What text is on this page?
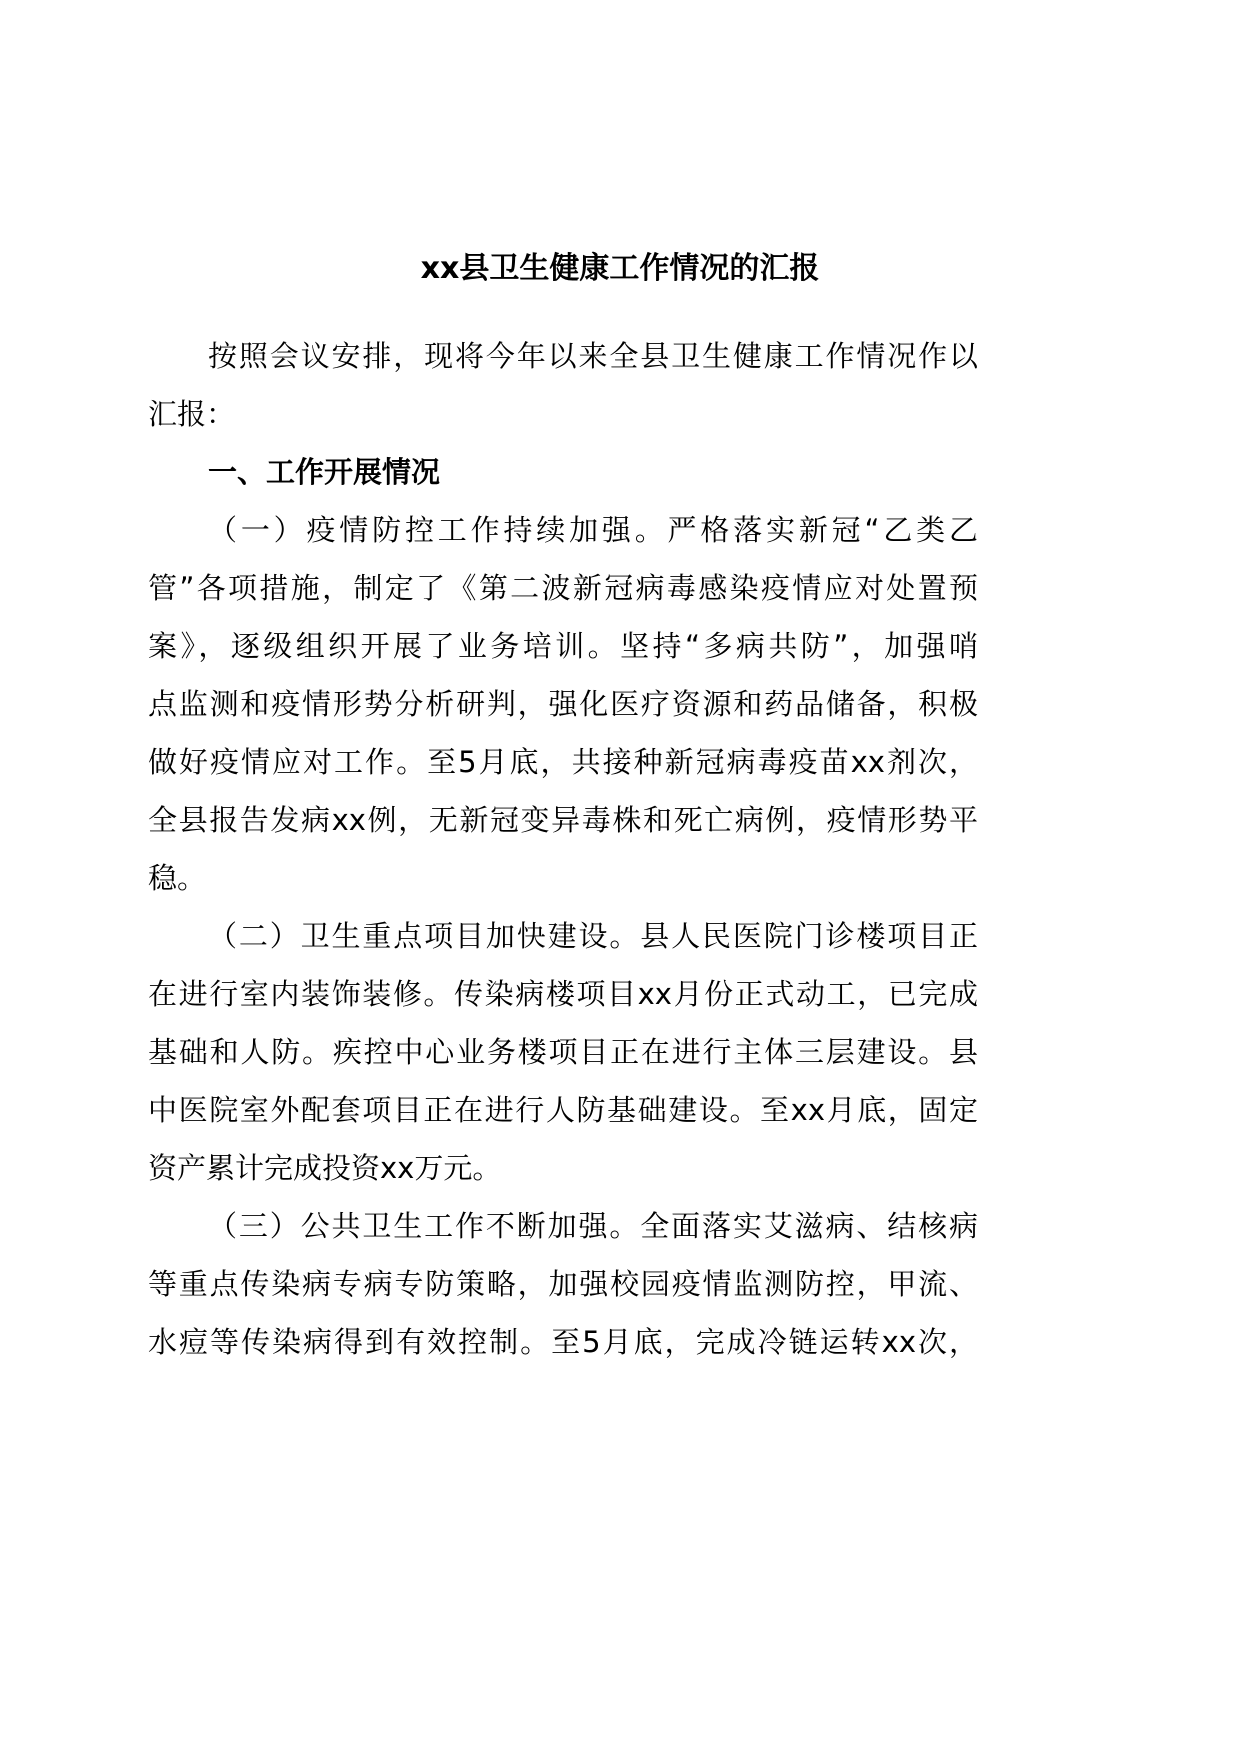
xx县卫生健康工作情况的汇报
按照会议安排，现将今年以来全县卫生健康工作情况作以
汇报：
一、工作开展情况
（一）疫情防控工作持续加强。严格落实新冠“乙类乙
管”各项措施，制定了《第二波新冠病毒感染疫情应对处置预
案》，逐级组织开展了业务培训。坚持“多病共防”，加强哨
点监测和疫情形势分析研判，强化医疗资源和药品储备，积极
做好疫情应对工作。至5月底，共接种新冠病毒疫苗xx剂次，
全县报告发病xx例，无新冠变异毒株和死亡病例，疫情形势平
稳。
（二）卫生重点项目加快建设。县人民医院门诊楼项目正
在进行室内装饰装修。传染病楼项目xx月份正式动工，已完成
基础和人防。疾控中心业务楼项目正在进行主体三层建设。县
中医院室外配套项目正在进行人防基础建设。至xx月底，固定
资产累计完成投资xx万元。
（三）公共卫生工作不断加强。全面落实艾滋病、结核病
等重点传染病专病专防策略，加强校园疫情监测防控，甲流、
水痘等传染病得到有效控制。至5月底，完成冷链运转xx次，
